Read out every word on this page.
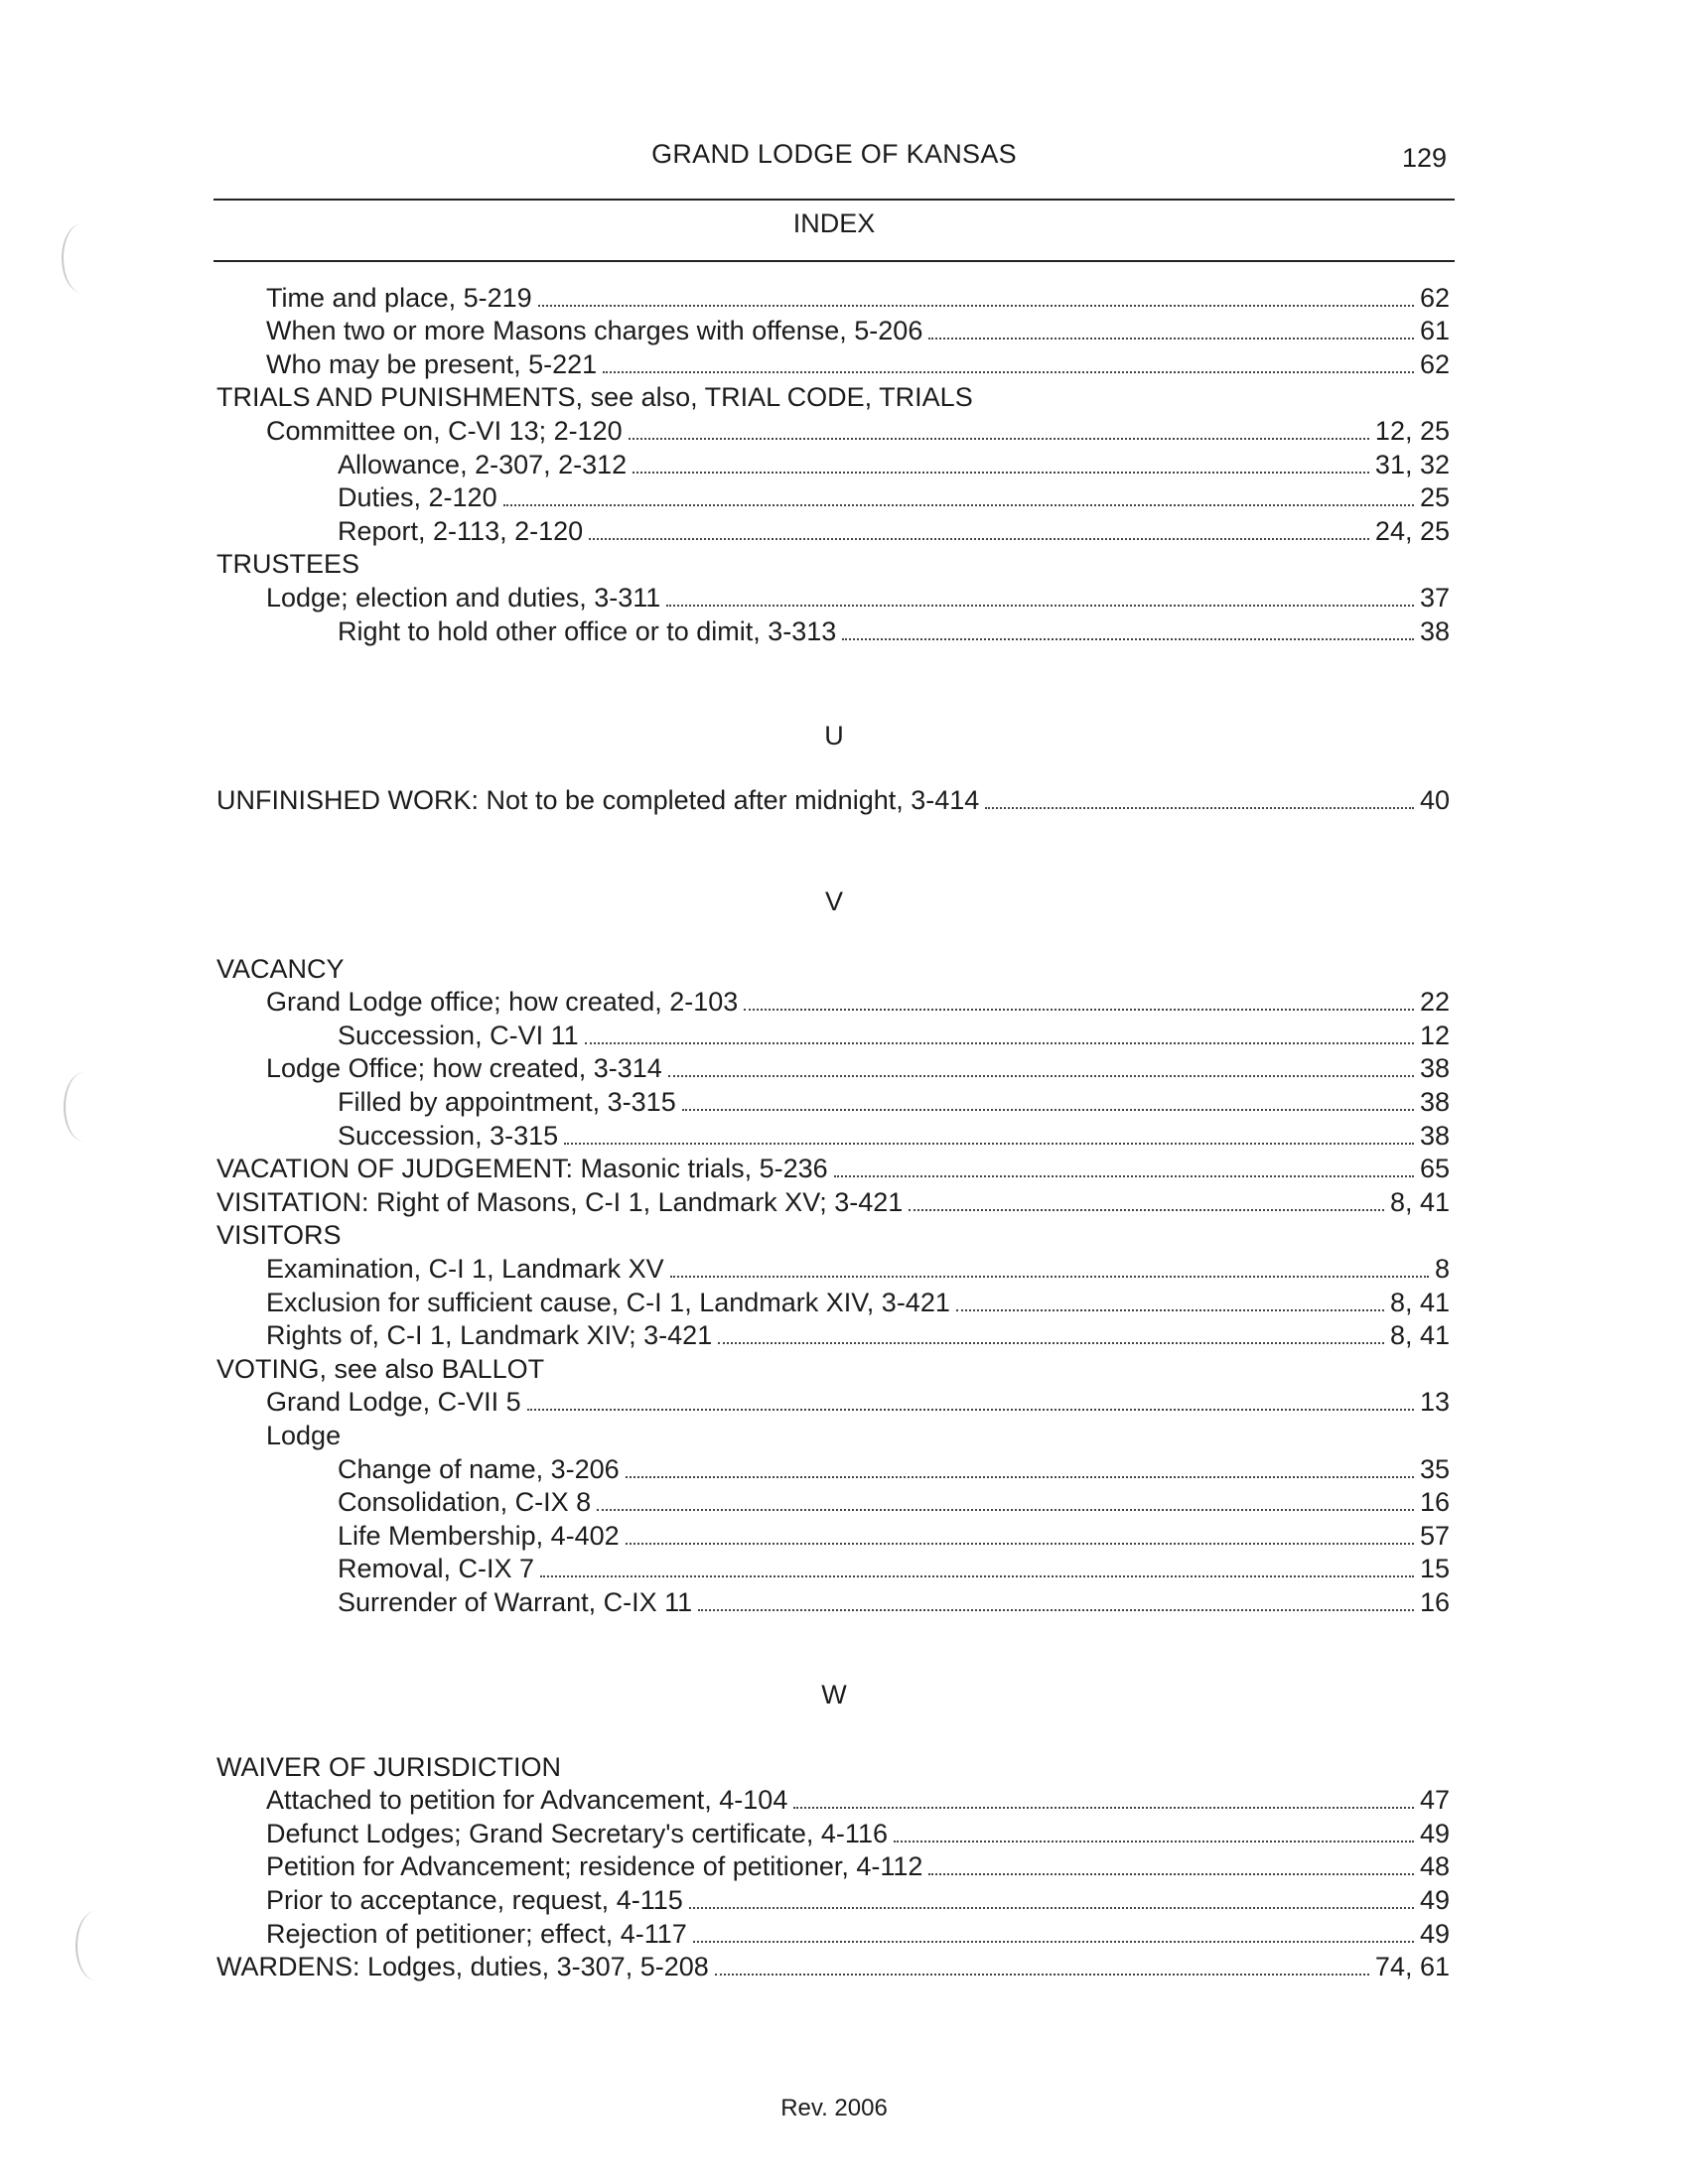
GRAND LODGE OF KANSAS	129
INDEX
Time and place, 5-219	62
When two or more Masons charges with offense, 5-206	61
Who may be present, 5-221	62
TRIALS AND PUNISHMENTS, see also, TRIAL CODE, TRIALS
Committee on, C-VI 13; 2-120	12, 25
Allowance, 2-307, 2-312	31, 32
Duties, 2-120	25
Report, 2-113, 2-120	24, 25
TRUSTEES
Lodge; election and duties, 3-311	37
Right to hold other office or to dimit, 3-313	38
U
UNFINISHED WORK: Not to be completed after midnight, 3-414	40
V
VACANCY
Grand Lodge office; how created, 2-103	22
Succession, C-VI 11	12
Lodge Office; how created, 3-314	38
Filled by appointment, 3-315	38
Succession, 3-315	38
VACATION OF JUDGEMENT: Masonic trials, 5-236	65
VISITATION: Right of Masons, C-I 1, Landmark XV; 3-421	8, 41
VISITORS
Examination, C-I 1, Landmark XV	8
Exclusion for sufficient cause, C-I 1, Landmark XIV, 3-421	8, 41
Rights of, C-I 1, Landmark XIV; 3-421	8, 41
VOTING, see also BALLOT
Grand Lodge, C-VII 5	13
Lodge
Change of name, 3-206	35
Consolidation, C-IX 8	16
Life Membership, 4-402	57
Removal, C-IX 7	15
Surrender of Warrant, C-IX 11	16
W
WAIVER OF JURISDICTION
Attached to petition for Advancement, 4-104	47
Defunct Lodges; Grand Secretary's certificate, 4-116	49
Petition for Advancement; residence of petitioner, 4-112	48
Prior to acceptance, request, 4-115	49
Rejection of petitioner; effect, 4-117	49
WARDENS: Lodges, duties, 3-307, 5-208	74, 61
Rev. 2006
